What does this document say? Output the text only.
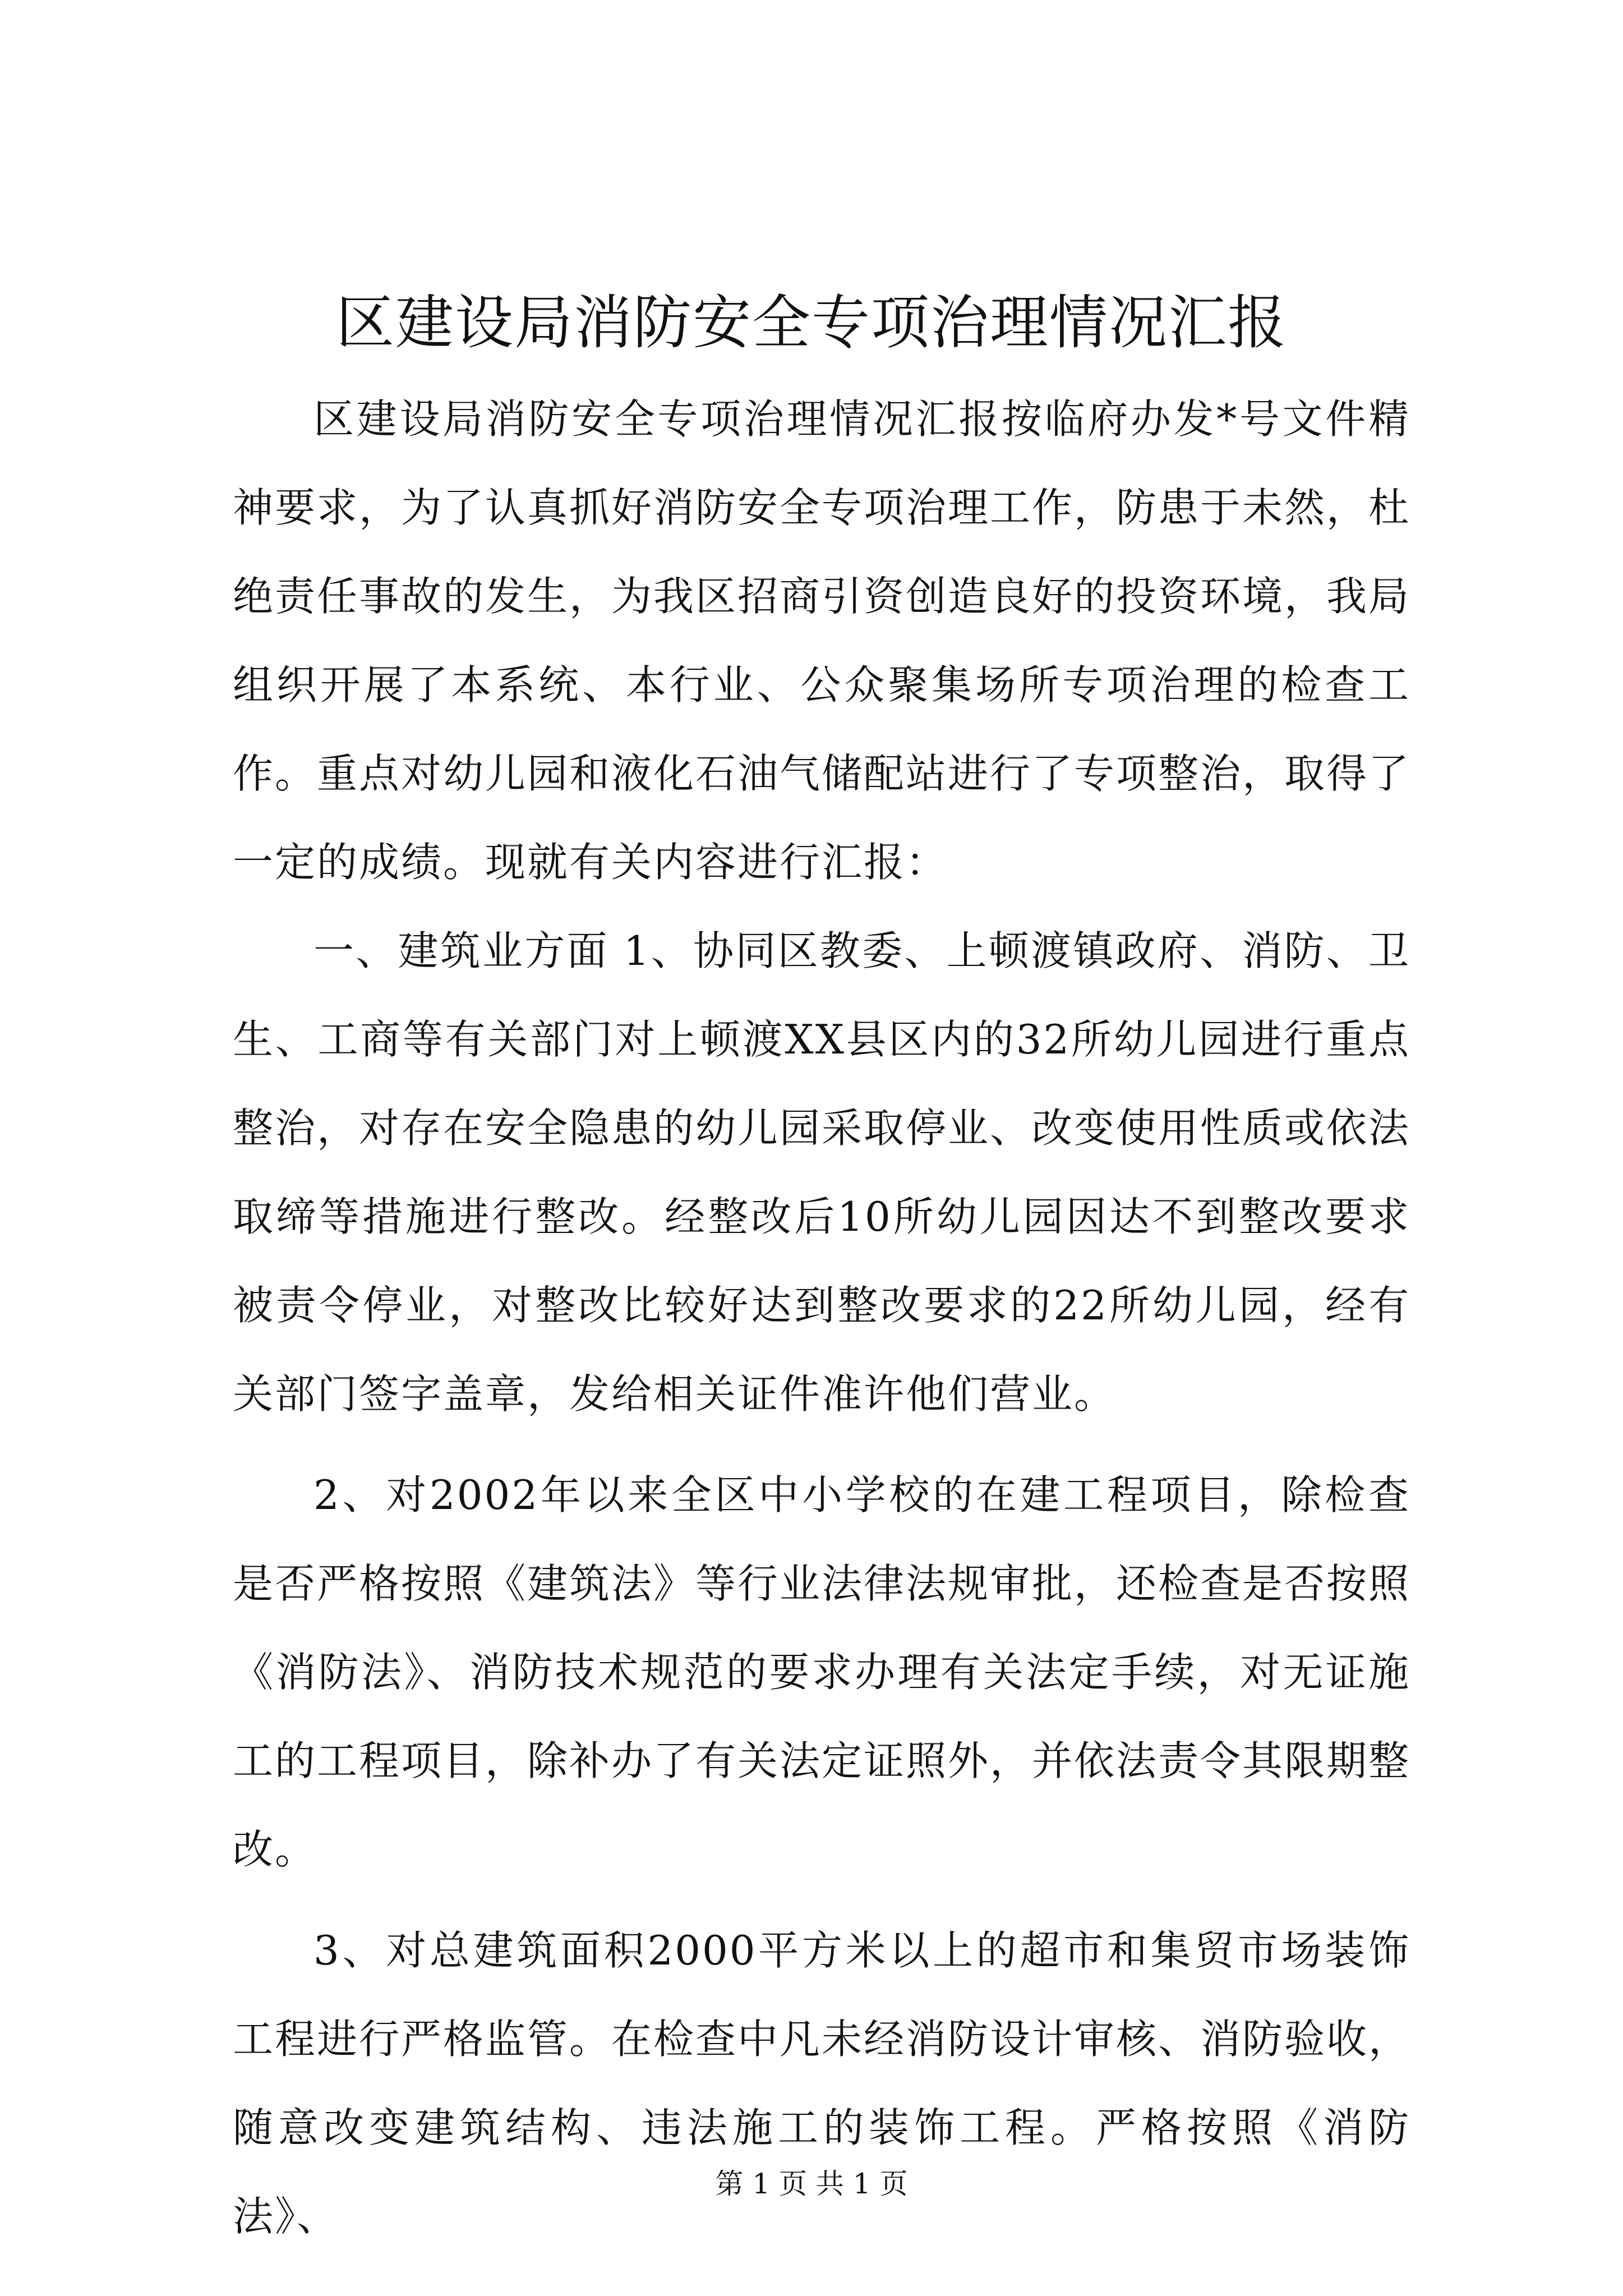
区建设局消防安全专项治理情况汇报

区建设局消防安全专项治理情况汇报按临府办发*号文件精神要求，为了认真抓好消防安全专项治理工作，防患于未然，杜绝责任事故的发生，为我区招商引资创造良好的投资环境，我局组织开展了本系统、本行业、公众聚集场所专项治理的检查工作。重点对幼儿园和液化石油气储配站进行了专项整治，取得了一定的成绩。现就有关内容进行汇报：

一、建筑业方面 1、协同区教委、上顿渡镇政府、消防、卫生、工商等有关部门对上顿渡XX县区内的32所幼儿园进行重点整治，对存在安全隐患的幼儿园采取停业、改变使用性质或依法取缔等措施进行整改。经整改后10所幼儿园因达不到整改要求被责令停业，对整改比较好达到整改要求的22所幼儿园，经有关部门签字盖章，发给相关证件准许他们营业。

2、对2002年以来全区中小学校的在建工程项目，除检查是否严格按照《建筑法》等行业法律法规审批，还检查是否按照《消防法》、消防技术规范的要求办理有关法定手续，对无证施工的工程项目，除补办了有关法定证照外，并依法责令其限期整改。

3、对总建筑面积2000平方米以上的超市和集贸市场装饰工程进行严格监管。在检查中凡未经消防设计审核、消防验收，随意改变建筑结构、违法施工的装饰工程。严格按照《消防法》、

第 1 页 共 1 页
